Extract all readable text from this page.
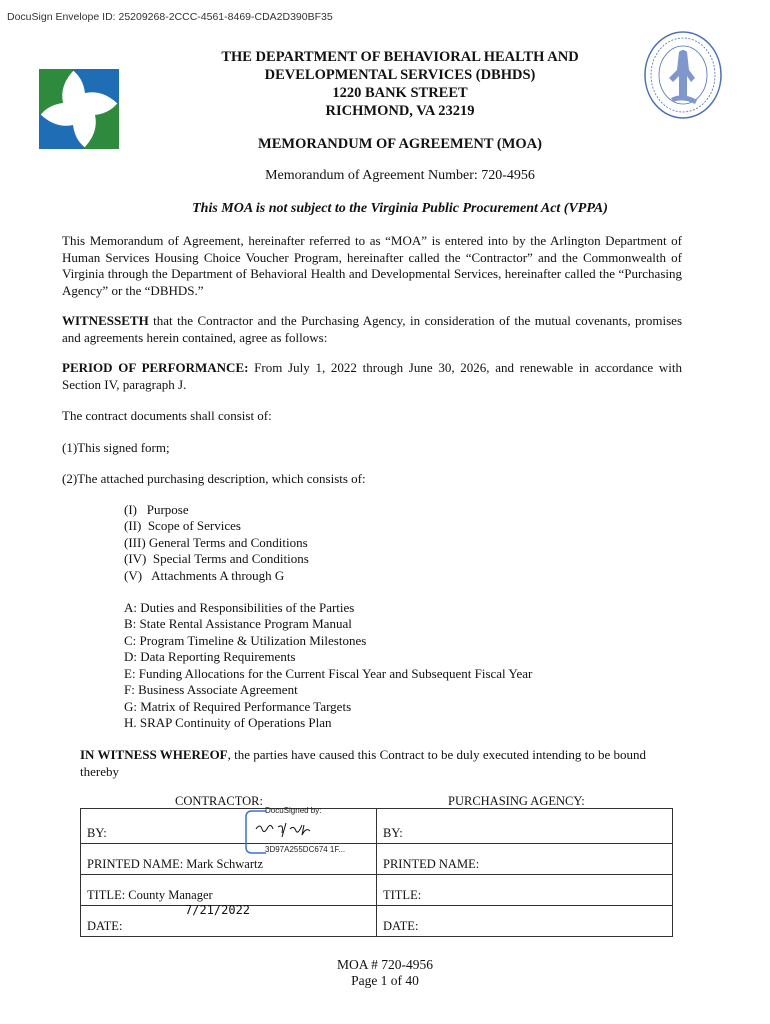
DocuSign Envelope ID: 25209268-2CCC-4561-8469-CDA2D390BF35
THE DEPARTMENT OF BEHAVIORAL HEALTH AND
DEVELOPMENTAL SERVICES (DBHDS)
1220 BANK STREET
RICHMOND, VA 23219
MEMORANDUM OF AGREEMENT (MOA)
Memorandum of Agreement Number: 720-4956
This MOA is not subject to the Virginia Public Procurement Act (VPPA)
This Memorandum of Agreement, hereinafter referred to as “MOA” is entered into by the Arlington Department of Human Services Housing Choice Voucher Program, hereinafter called the “Contractor” and the Commonwealth of Virginia through the Department of Behavioral Health and Developmental Services, hereinafter called the “Purchasing Agency” or the “DBHDS.”
WITNESSETH that the Contractor and the Purchasing Agency, in consideration of the mutual covenants, promises and agreements herein contained, agree as follows:
PERIOD OF PERFORMANCE: From July 1, 2022 through June 30, 2026, and renewable in accordance with Section IV, paragraph J.
The contract documents shall consist of:
(1)This signed form;
(2)The attached purchasing description, which consists of:
(I)   Purpose
(II)  Scope of Services
(III) General Terms and Conditions
(IV)  Special Terms and Conditions
(V)   Attachments A through G
A: Duties and Responsibilities of the Parties
B: State Rental Assistance Program Manual
C: Program Timeline & Utilization Milestones
D: Data Reporting Requirements
E: Funding Allocations for the Current Fiscal Year and Subsequent Fiscal Year
F: Business Associate Agreement
G: Matrix of Required Performance Targets
H. SRAP Continuity of Operations Plan
IN WITNESS WHEREOF, the parties have caused this Contract to be duly executed intending to be bound thereby
CONTRACTOR:	PURCHASING AGENCY:
BY:	BY:
PRINTED NAME: Mark Schwartz	PRINTED NAME:
TITLE: County Manager	TITLE:
DATE:	DATE:
DocuSigned by:
3D97A255DC674 1F...
7/21/2022
MOA # 720-4956
Page 1 of 40
